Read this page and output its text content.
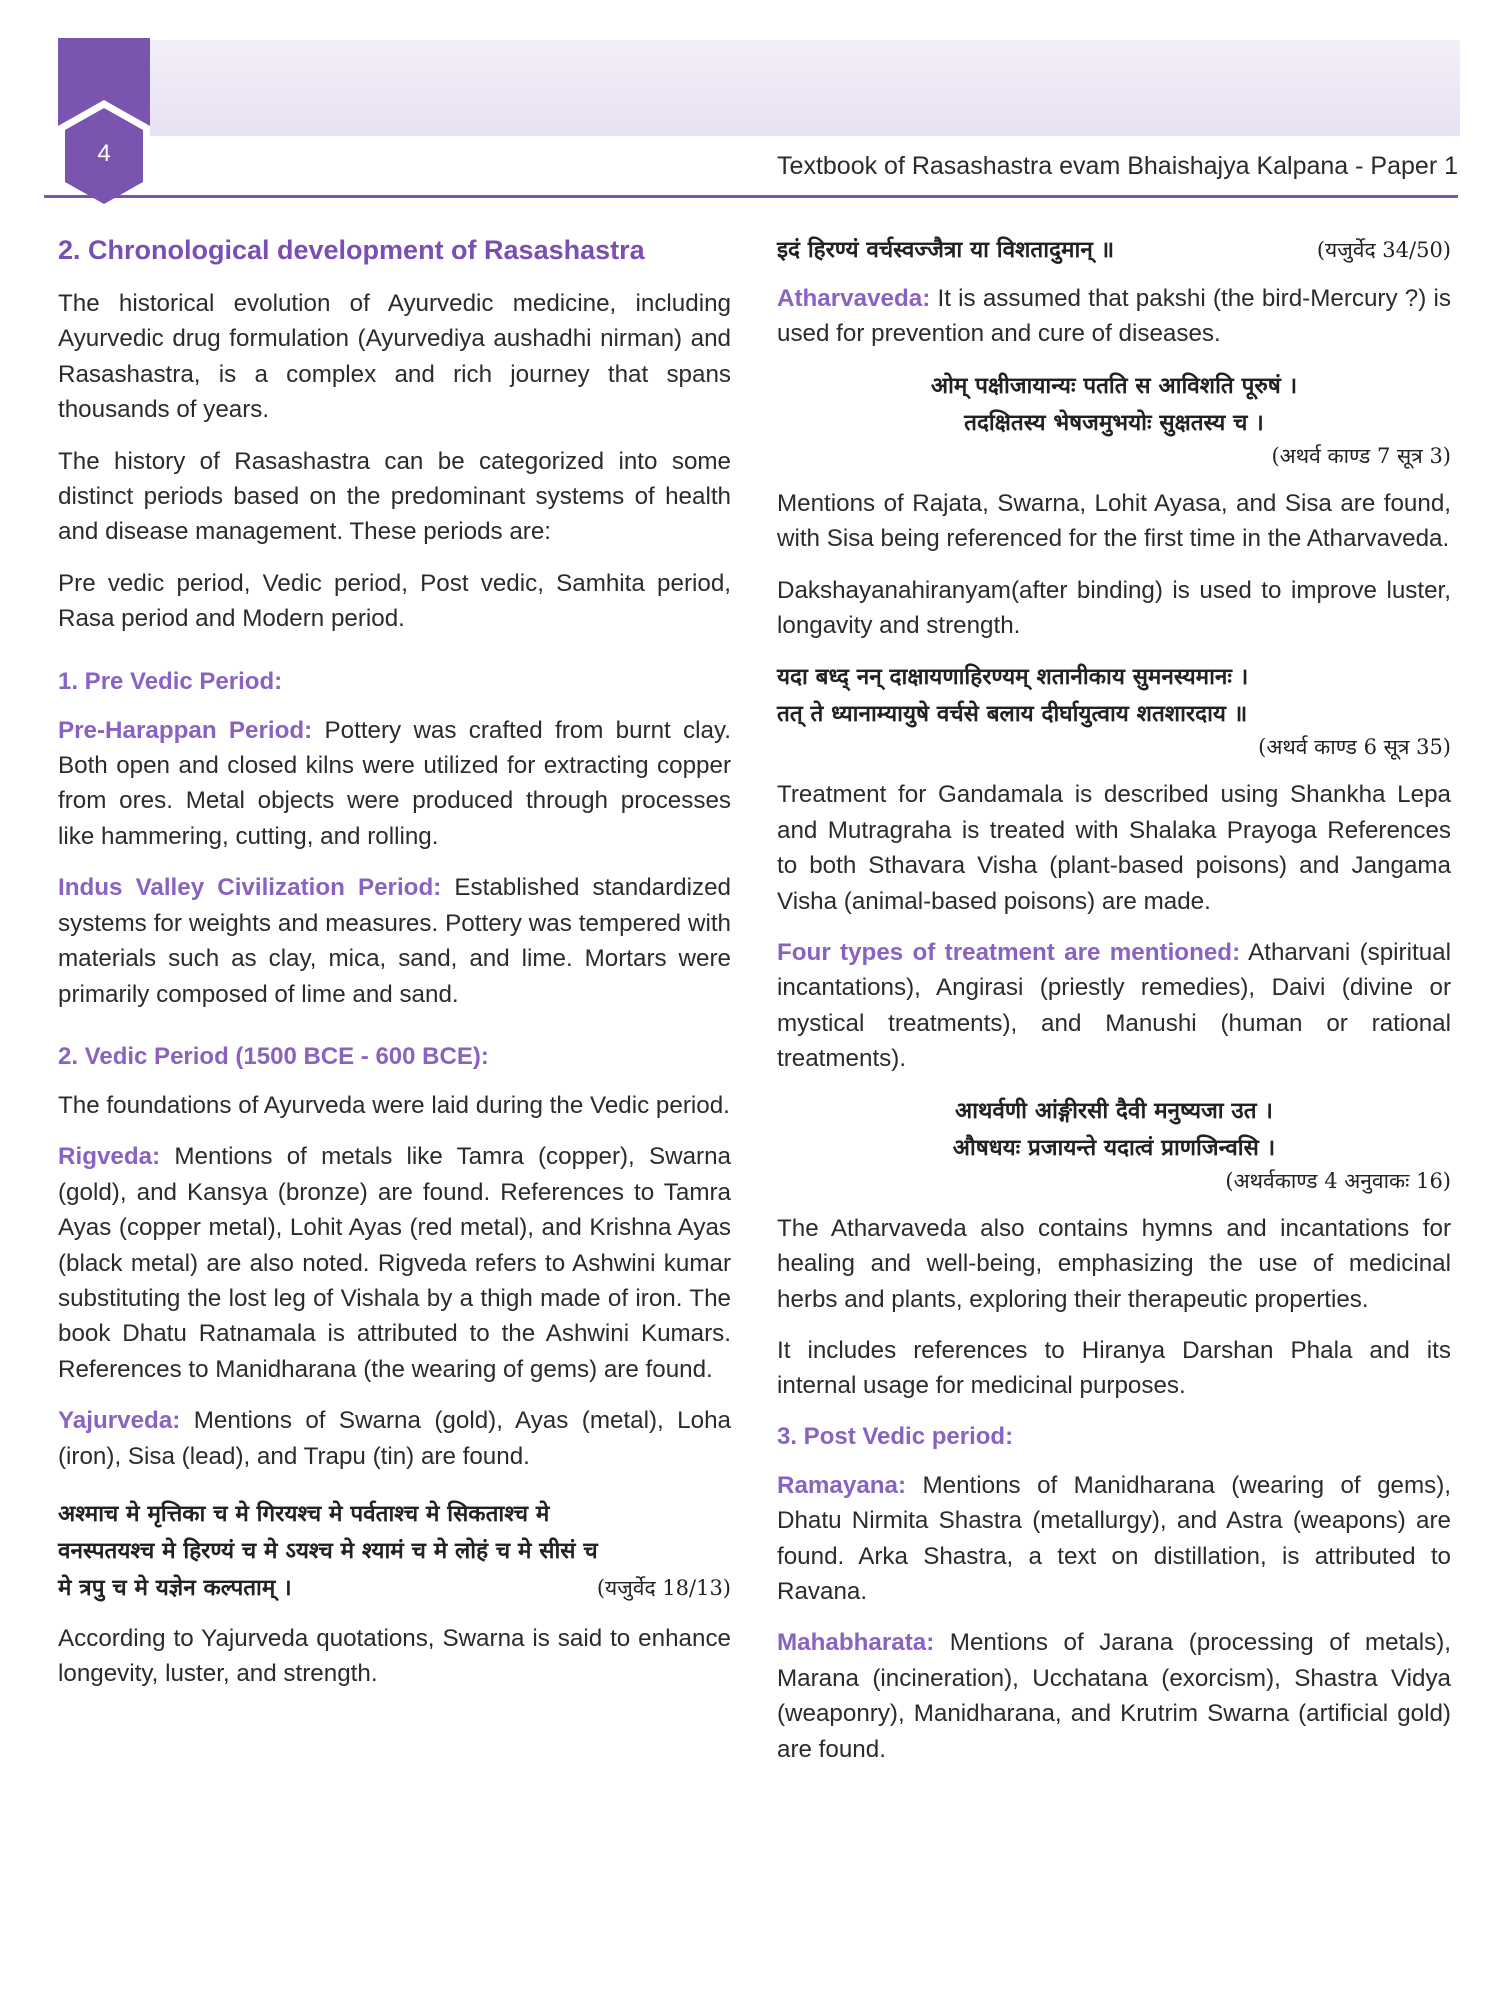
4	Textbook of Rasashastra evam Bhaishajya Kalpana - Paper 1
2. Chronological development of Rasashastra

The historical evolution of Ayurvedic medicine, including Ayurvedic drug formulation (Ayurvediya aushadhi nirman) and Rasashastra, is a complex and rich journey that spans thousands of years.

The history of Rasashastra can be categorized into some distinct periods based on the predominant systems of health and disease management. These periods are:

Pre vedic period, Vedic period, Post vedic, Samhita period, Rasa period and Modern period.

1. Pre Vedic Period:

Pre-Harappan Period: Pottery was crafted from burnt clay. Both open and closed kilns were utilized for extracting copper from ores. Metal objects were produced through processes like hammering, cutting, and rolling.

Indus Valley Civilization Period: Established standardized systems for weights and measures. Pottery was tempered with materials such as clay, mica, sand, and lime. Mortars were primarily composed of lime and sand.

2. Vedic Period (1500 BCE - 600 BCE):

The foundations of Ayurveda were laid during the Vedic period.

Rigveda: Mentions of metals like Tamra (copper), Swarna (gold), and Kansya (bronze) are found. References to Tamra Ayas (copper metal), Lohit Ayas (red metal), and Krishna Ayas (black metal) are also noted. Rigveda refers to Ashwini kumar substituting the lost leg of Vishala by a thigh made of iron. The book Dhatu Ratnamala is attributed to the Ashwini Kumars. References to Manidharana (the wearing of gems) are found.

Yajurveda: Mentions of Swarna (gold), Ayas (metal), Loha (iron), Sisa (lead), and Trapu (tin) are found.

अश्माच मे मृत्तिका च मे गिरयश्च मे पर्वताश्च मे सिकताश्च मे
वनस्पतयश्च मे हिरण्यं च मे ऽयश्च मे श्यामं च मे लोहं च मे सीसं च
मे त्रपु च मे यज्ञेन कल्पताम् ।	(यजुर्वेद 18/13)

According to Yajurveda quotations, Swarna is said to enhance longevity, luster, and strength.

इदं हिरण्यं वर्चस्वज्जैत्रा या विशतादुमान् ॥	(यजुर्वेद 34/50)

Atharvaveda: It is assumed that pakshi (the bird-Mercury ?) is used for prevention and cure of diseases.

ओम् पक्षीजायान्यः पतति स आविशति पूरुषं ।
तदक्षितस्य भेषजमुभयोः सुक्षतस्य च ।
(अथर्व काण्ड 7 सूत्र 3)

Mentions of Rajata, Swarna, Lohit Ayasa, and Sisa are found, with Sisa being referenced for the first time in the Atharvaveda.

Dakshayanahiranyam(after binding) is used to improve luster, longavity and strength.

यदा बध्द् नन् दाक्षायणाहिरण्यम् शतानीकाय सुमनस्यमानः ।
तत् ते ध्यानाम्यायुषे वर्चसे बलाय दीर्घायुत्वाय शतशारदाय ॥
(अथर्व काण्ड 6 सूत्र 35)

Treatment for Gandamala is described using Shankha Lepa and Mutragraha is treated with Shalaka Prayoga References to both Sthavara Visha (plant-based poisons) and Jangama Visha (animal-based poisons) are made.

Four types of treatment are mentioned: Atharvani (spiritual incantations), Angirasi (priestly remedies), Daivi (divine or mystical treatments), and Manushi (human or rational treatments).

आथर्वणी आंङ्गीरसी दैवी मनुष्यजा उत ।
औषधयः प्रजायन्ते यदात्वं प्राणजिन्वसि ।
(अथर्वकाण्ड 4 अनुवाकः 16)

The Atharvaveda also contains hymns and incantations for healing and well-being, emphasizing the use of medicinal herbs and plants, exploring their therapeutic properties.

It includes references to Hiranya Darshan Phala and its internal usage for medicinal purposes.

3. Post Vedic period:

Ramayana: Mentions of Manidharana (wearing of gems), Dhatu Nirmita Shastra (metallurgy), and Astra (weapons) are found. Arka Shastra, a text on distillation, is attributed to Ravana.

Mahabharata: Mentions of Jarana (processing of metals), Marana (incineration), Ucchatana (exorcism), Shastra Vidya (weaponry), Manidharana, and Krutrim Swarna (artificial gold) are found.
